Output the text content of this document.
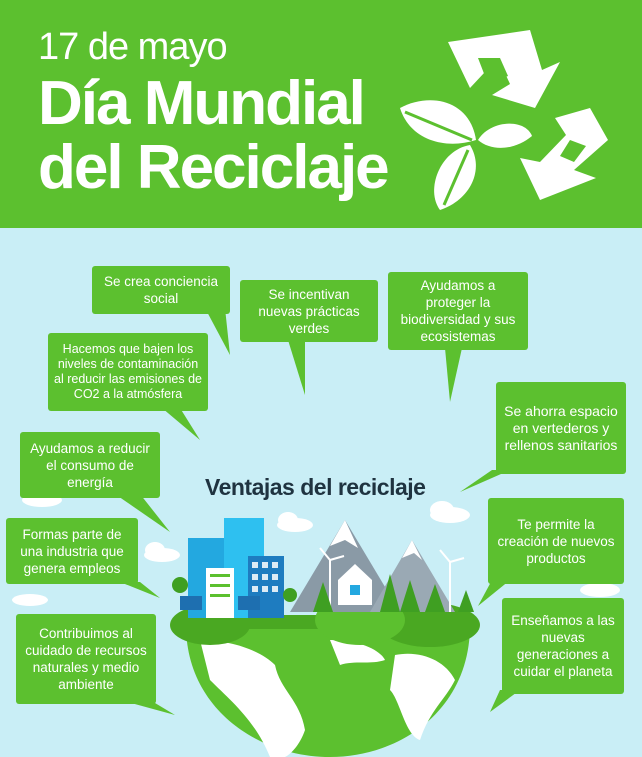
17 de mayo
Día Mundial
del Reciclaje
Ventajas del reciclaje
Se crea conciencia social	Se incentivan nuevas prácticas verdes
Ayudamos a proteger la biodiversidad y sus ecosistemas
Hacemos que bajen los niveles de contaminación al reducir las emisiones de CO2 a la atmósfera
Se ahorra espacio en vertederos y rellenos sanitarios
Ayudamos a reducir el consumo de energía
Formas parte de una industria que genera empleos
Te permite la creación de nuevos productos
Contribuimos al cuidado de recursos naturales y medio ambiente
Enseñamos a las nuevas generaciones a cuidar el planeta
